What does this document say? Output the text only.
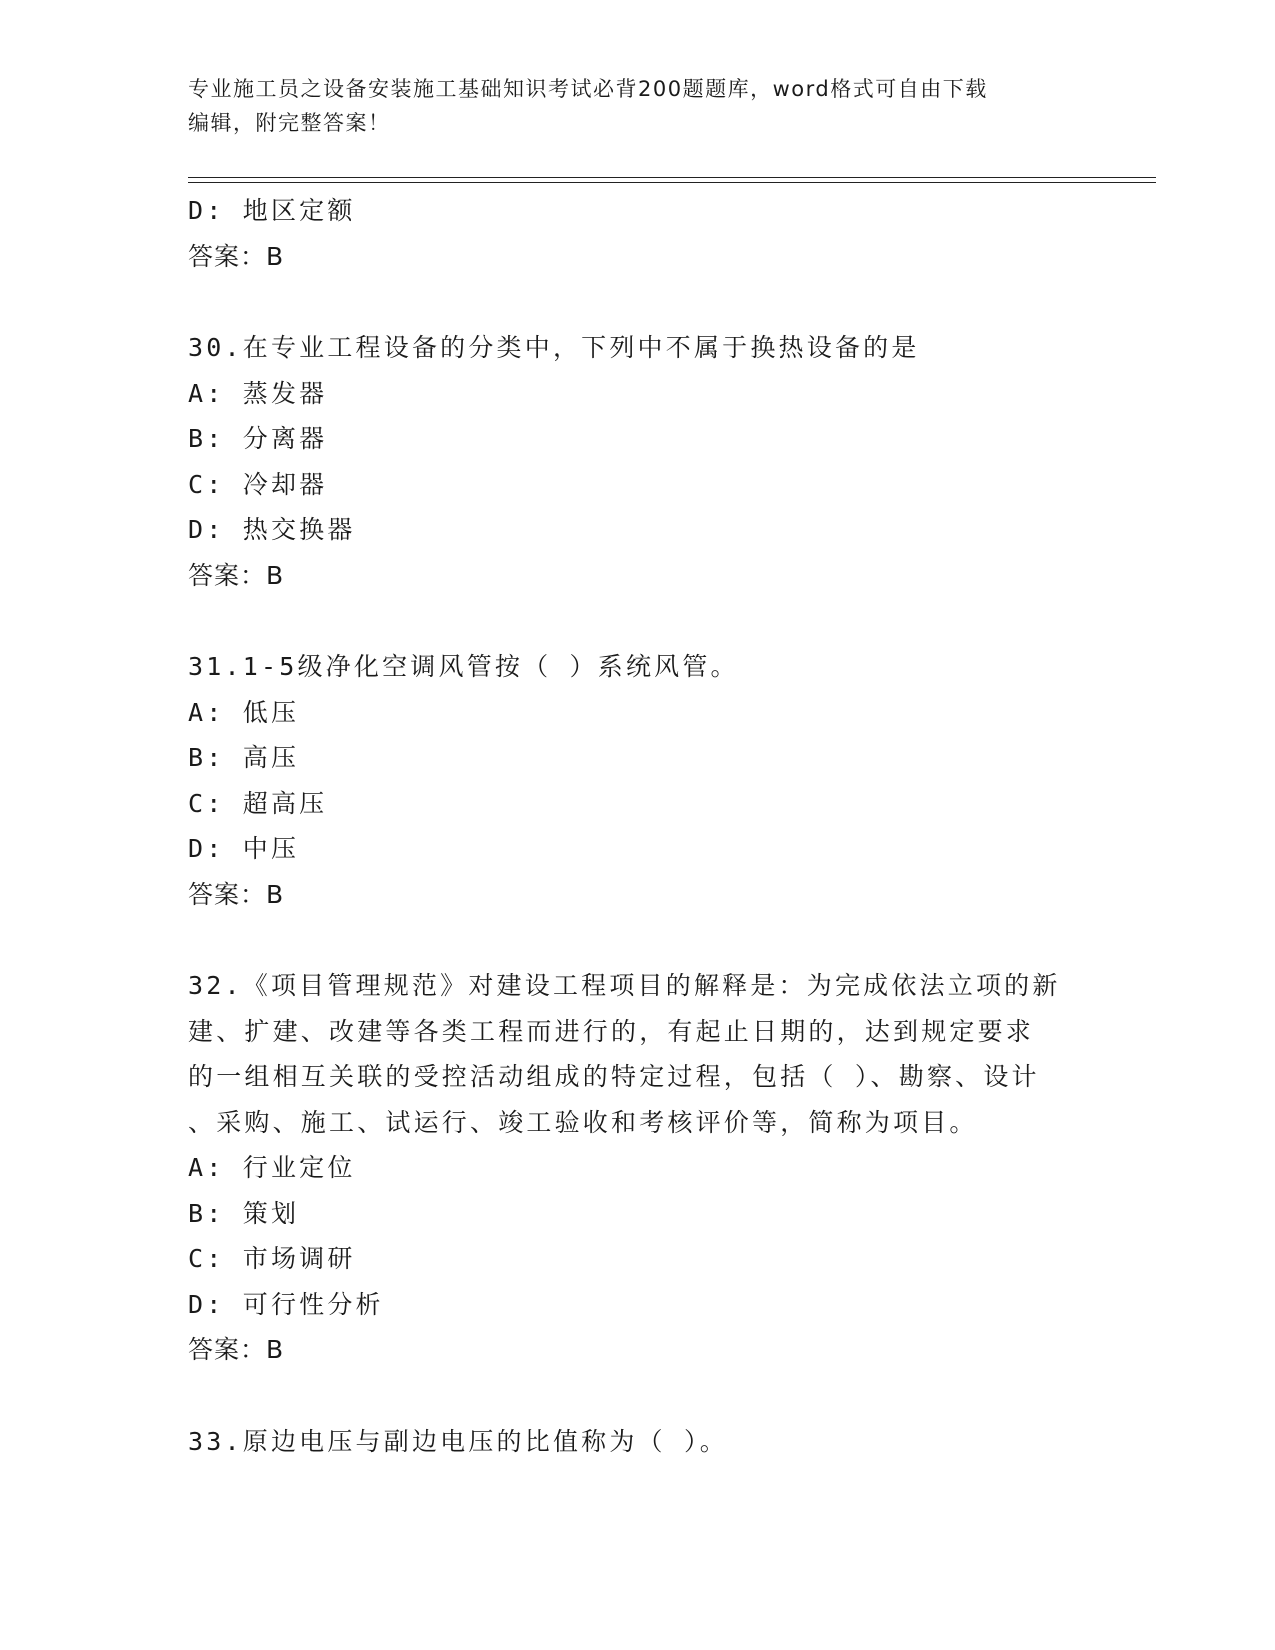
专业施工员之设备安装施工基础知识考试必背200题题库，word格式可自由下载
编辑，附完整答案！
D: 地区定额
答案：B
30.在专业工程设备的分类中，下列中不属于换热设备的是
A: 蒸发器
B: 分离器
C: 冷却器
D: 热交换器
答案：B
31.1-5级净化空调风管按（ ）系统风管。
A: 低压
B: 高压
C: 超高压
D: 中压
答案：B
32.《项目管理规范》对建设工程项目的解释是：为完成依法立项的新
建、扩建、改建等各类工程而进行的，有起止日期的，达到规定要求
的一组相互关联的受控活动组成的特定过程，包括（ ）、勘察、设计
、采购、施工、试运行、竣工验收和考核评价等，简称为项目。
A: 行业定位
B: 策划
C: 市场调研
D: 可行性分析
答案：B
33.原边电压与副边电压的比值称为（ ）。
